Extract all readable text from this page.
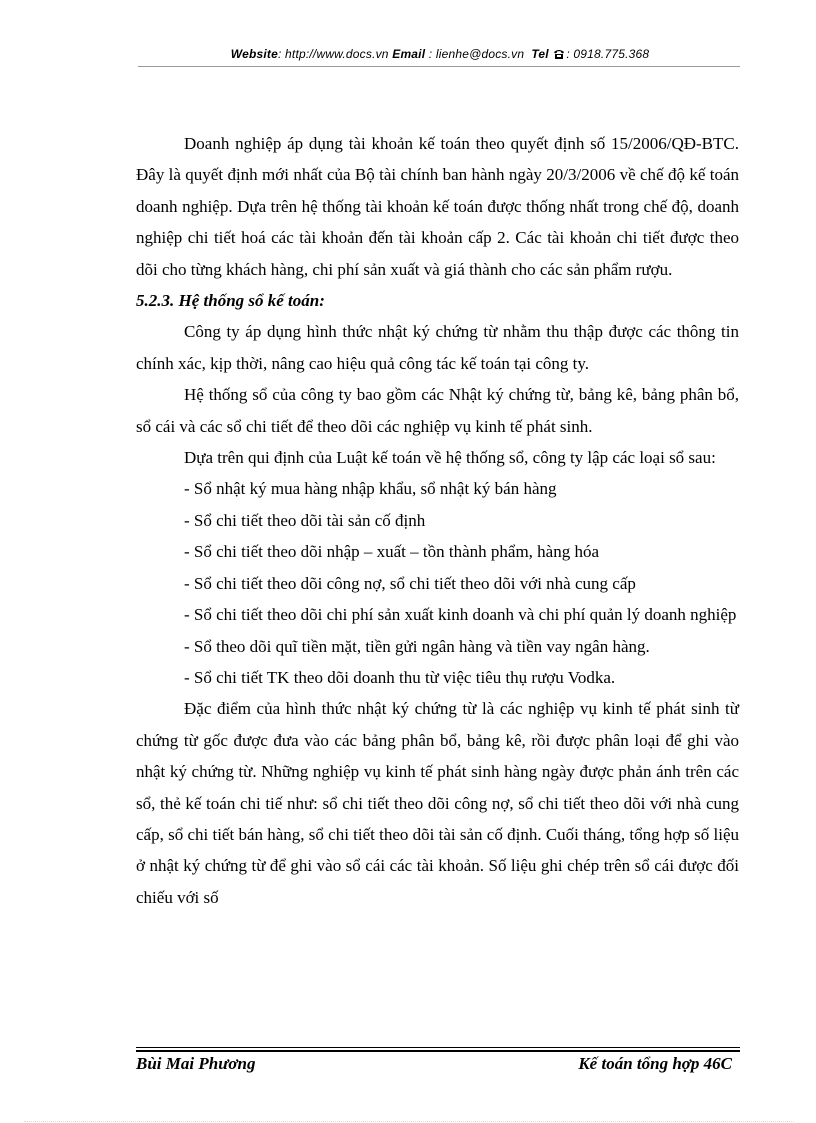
Website: http://www.docs.vn Email : lienhe@docs.vn Tel : 0918.775.368

Doanh nghiệp áp dụng tài khoản kế toán theo quyết định số 15/2006/QĐ-BTC. Đây là quyết định mới nhất của Bộ tài chính ban hành ngày 20/3/2006 về chế độ kế toán doanh nghiệp. Dựa trên hệ thống tài khoản kế toán được thống nhất trong chế độ, doanh nghiệp chi tiết hoá các tài khoản đến tài khoản cấp 2. Các tài khoản chi tiết được theo dõi cho từng khách hàng, chi phí sản xuất và giá thành cho các sản phẩm rượu.

5.2.3. Hệ thống sổ kế toán:

Công ty áp dụng hình thức nhật ký chứng từ nhằm thu thập được các thông tin chính xác, kịp thời, nâng cao hiệu quả công tác kế toán tại công ty.

Hệ thống sổ của công ty bao gồm các Nhật ký chứng từ, bảng kê, bảng phân bổ, sổ cái và các sổ chi tiết để theo dõi các nghiệp vụ kinh tế phát sinh.

Dựa trên qui định của Luật kế toán về hệ thống sổ, công ty lập các loại sổ sau:

- Sổ nhật ký mua hàng nhập khẩu, sổ nhật ký bán hàng

- Sổ chi tiết theo dõi tài sản cố định

- Sổ chi tiết theo dõi nhập – xuất – tồn thành phẩm, hàng hóa

- Sổ chi tiết theo dõi công nợ, sổ chi tiết theo dõi với nhà cung cấp

- Sổ chi tiết theo dõi chi phí sản xuất kinh doanh và chi phí quản lý doanh nghiệp

- Sổ theo dõi quĩ tiền mặt, tiền gửi ngân hàng và tiền vay ngân hàng.

- Sổ chi tiết TK theo dõi doanh thu từ việc tiêu thụ rượu Vodka.

Đặc điểm của hình thức nhật ký chứng từ là các nghiệp vụ kinh tế phát sinh từ chứng từ gốc được đưa vào các bảng phân bổ, bảng kê, rồi được phân loại để ghi vào nhật ký chứng từ. Những nghiệp vụ kinh tế phát sinh hàng ngày được phản ánh trên các sổ, thẻ kế toán chi tiế như: sổ chi tiết theo dõi công nợ, sổ chi tiết theo dõi với nhà cung cấp, sổ chi tiết bán hàng, sổ chi tiết theo dõi tài sản cố định. Cuối tháng, tổng hợp số liệu ở nhật ký chứng từ để ghi vào sổ cái các tài khoản. Số liệu ghi chép trên sổ cái được đối chiếu với số

Bùi Mai Phương	Kế toán tổng hợp 46C
